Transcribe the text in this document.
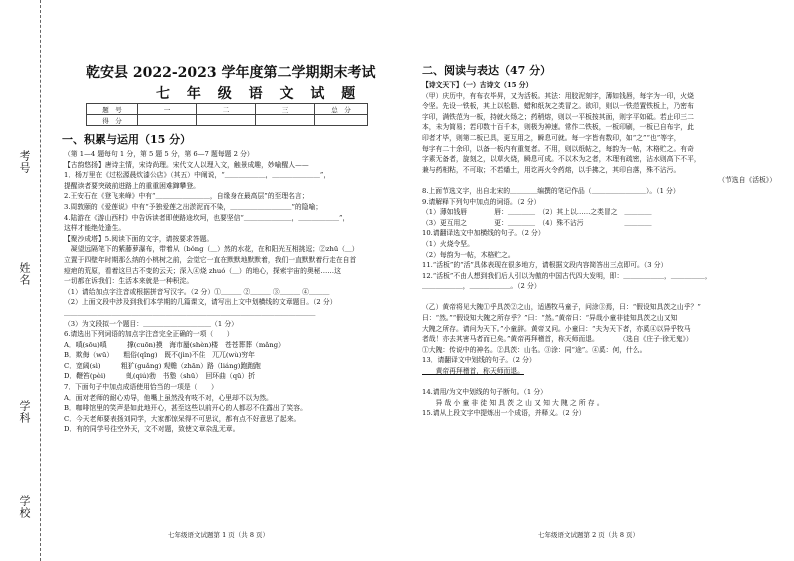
考号
姓名
学科
学校
乾安县 2022-2023 学年度第二学期期末考试
七 年 级 语 文 试 题
题　号	一	二	三	总　分
得　分				
一、积累与运用（15 分）
（第 1—4 题每句 1 分，第 5 题 5 分，第 6—7 题每题 2 分）
【古韵悠扬】唐诗主情，宋诗尚理。宋代文人以理入文，触景成趣，妙喻醒人——
1．杨万里在《过松源晨炊漆公店》（其五）中阐说，“＿＿＿＿＿＿，＿＿＿＿＿＿＿”，
提醒读者要突破前进路上的重重困难蹿攀登。
2.王安石在《登飞来峰》中有“＿＿＿＿＿＿＿＿，自缘身在最高层”的至理名言；
3.周敦颐的《爱莲说》中有“予独爱莲之出淤泥而不染，＿＿＿＿＿＿＿＿＿”的隐喻；
4.陆游在《游山西村》中告诉读者即使路途坎坷，也要坚信“＿＿＿＿＿＿＿，＿＿＿＿＿＿”，
这样才能绝处逢生。
【聚沙成塔】5.阅读下面的文字，请按要求答题。
　凝望远隔笔下的紫藤萝瀑布，带着从（bǒng（＿）然的水花，在和阳光互相挑逗；②zhū（＿）
立置于四壁年时期那么纳的小桃树之前，会觉它一直在默默地默默着，我们一直默默着行走在自首
痘疤的荒原，看着这旦古不变的云天；深入④烧 zhuó（＿）的地心，探索宇宙的奥秘……这
一切都在诉我们：生活本来就是一种积淀。
（1）请给加点字注音或根据拼音写汉字。（2 分）①＿＿＿ ②＿＿＿ ③＿＿＿ ④＿＿＿
（2）上面文段中涉及到我们本学期的几篇课文，请写出上文中划横线的文章题目。（2 分）
＿＿＿＿＿＿＿＿＿＿＿＿＿＿＿＿＿＿＿＿＿＿＿＿＿＿＿＿＿＿＿＿＿＿＿＿＿
（3）为文段拟一个题目：＿＿＿＿＿＿＿＿＿＿（1 分）
6.请选出下列词语的加点字注音完全正确的一项（　　）
A．嗔(sōu)嗔　　　撑(cuōn)摸　海市蜃(shèn)楼　苍苍葬葬（mǎng）
B．欺侮（wū）　　粗俗(qǐng)　既不(jìn)不住　兀兀(wù)穷年
C．宽阔(sì)　　　粗犷(guǎng) 观赡（zhān）路（liáng)跑跑跑
D．鞭笞(pèi)　　　虬(qiú)勃　书塾（shū）　回环曲（qū）折
7．下面句子中加点成语使用恰当的一项是（　　）
A．面对老师的耐心劝导，他嘴上虽然没有吱不对，心里却不以为然。
B．咖啡馆里的笑声是如此地开心，甚至这些以前开心的人都忍不住露出了笑容。
C．今天老师要表扬刘同学，大家都惊呆得不可思议，都有点不好意思了起来。
D．有的同学号往空外天，文不对题，致使文章杂乱无章。
七年级语文试题第 1 页（共 8 页）
二、阅读与表达（47 分）
【诗文天下】（一）古诗文（15 分）
（甲）庆历中，有布衣毕昇，又为活板。其法：用胶泥刻字，薄如钱唇，每字为一印，火烧
令坚。先设一铁板，其上以松脂、蜡和纸灰之类冒之。欲印，则以一铁范置铁板上，乃密布
字印，满铁范为一板，持就火炀之；药稍熔，则以一平板按其面，则字平如砥。若止印三二
本，未为简易；若印数十百千本，则极为神速。常作二铁板，一板印刷，一板已自布字，此
印者才毕，则第二板已具，更互用之，瞬息可就。每一字皆有数印，如“之”“也”等字，
每字有二十余印，以备一板内有重复者。不用，则以纸帖之，每韵为一帖，木格贮之。有奇
字素无备者，旋刻之，以草火烧，瞬息可成。不以木为之者，木理有疏密，沾水则高下不平，
兼与药相粘，不可取；不若燔土，用讫再火令药熔，以手拂之，其印自落，殊不沾污。
（节选自《活板》）
8.上面节选文字，出自北宋的＿＿＿＿编撰的笔记作品（＿＿＿＿＿＿＿＿）。（1 分）
9.请解释下列句中加点的词语。（2 分）
（1）薄如钱唇　　　　唇：＿＿＿＿　（2）其上以……之类冒之　＿＿＿＿
（3）更互用之　　　　更：＿＿＿＿　（4）殊不沾污　　　　　　＿＿＿＿
10.请翻译选文中加横线的句子。（2 分）
（1）火烧令坚。
（2）每韵为一帖，木格贮之。
11.“活板”的“活”具体表现在很多地方，请根据文段内容简答出三点即可。（3 分）
12.“活板”不由人想到我们后人引以为傲的中国古代四大发明，即：＿＿＿＿＿＿，＿＿＿＿＿，
＿＿＿＿＿＿，＿＿＿＿＿＿。（2 分）

（乙）黄帝将见大隗①乎具茨②之山，适遇牧马童子，问涂③焉，曰：“假设知具茨之山乎？”
曰：“然。”“假设知大隗之所存乎？”曰：“然。”黄帝曰：“异哉小童非徒知具茨之山又知
大隗之所存。请问为天下。”小童辞。黄帝又问。小童曰：“夫为天下者，亦奚④以异乎牧马
者哉！亦去其害马者而已矣。”黄帝再拜稽首，称天师而退。　　　　（选自《庄子·徐无鬼》）
①大隗：传说中的神名。②具茨：山名。③涂：同“途”。④奚：何，什么。
13．请翻译文中划线的句子。（2 分）
　　黄帝再拜稽首，称天师而退。

14.请用/为文中划线的句子断句。（1 分）
　　异 哉 小 童 非 徒 知 具 茨 之 山 又 知 大 隗 之 所 存 。
15.请从上段文字中提炼出一个成语，并释义。（2 分）
七年级语文试题第 2 页（共 8 页）
